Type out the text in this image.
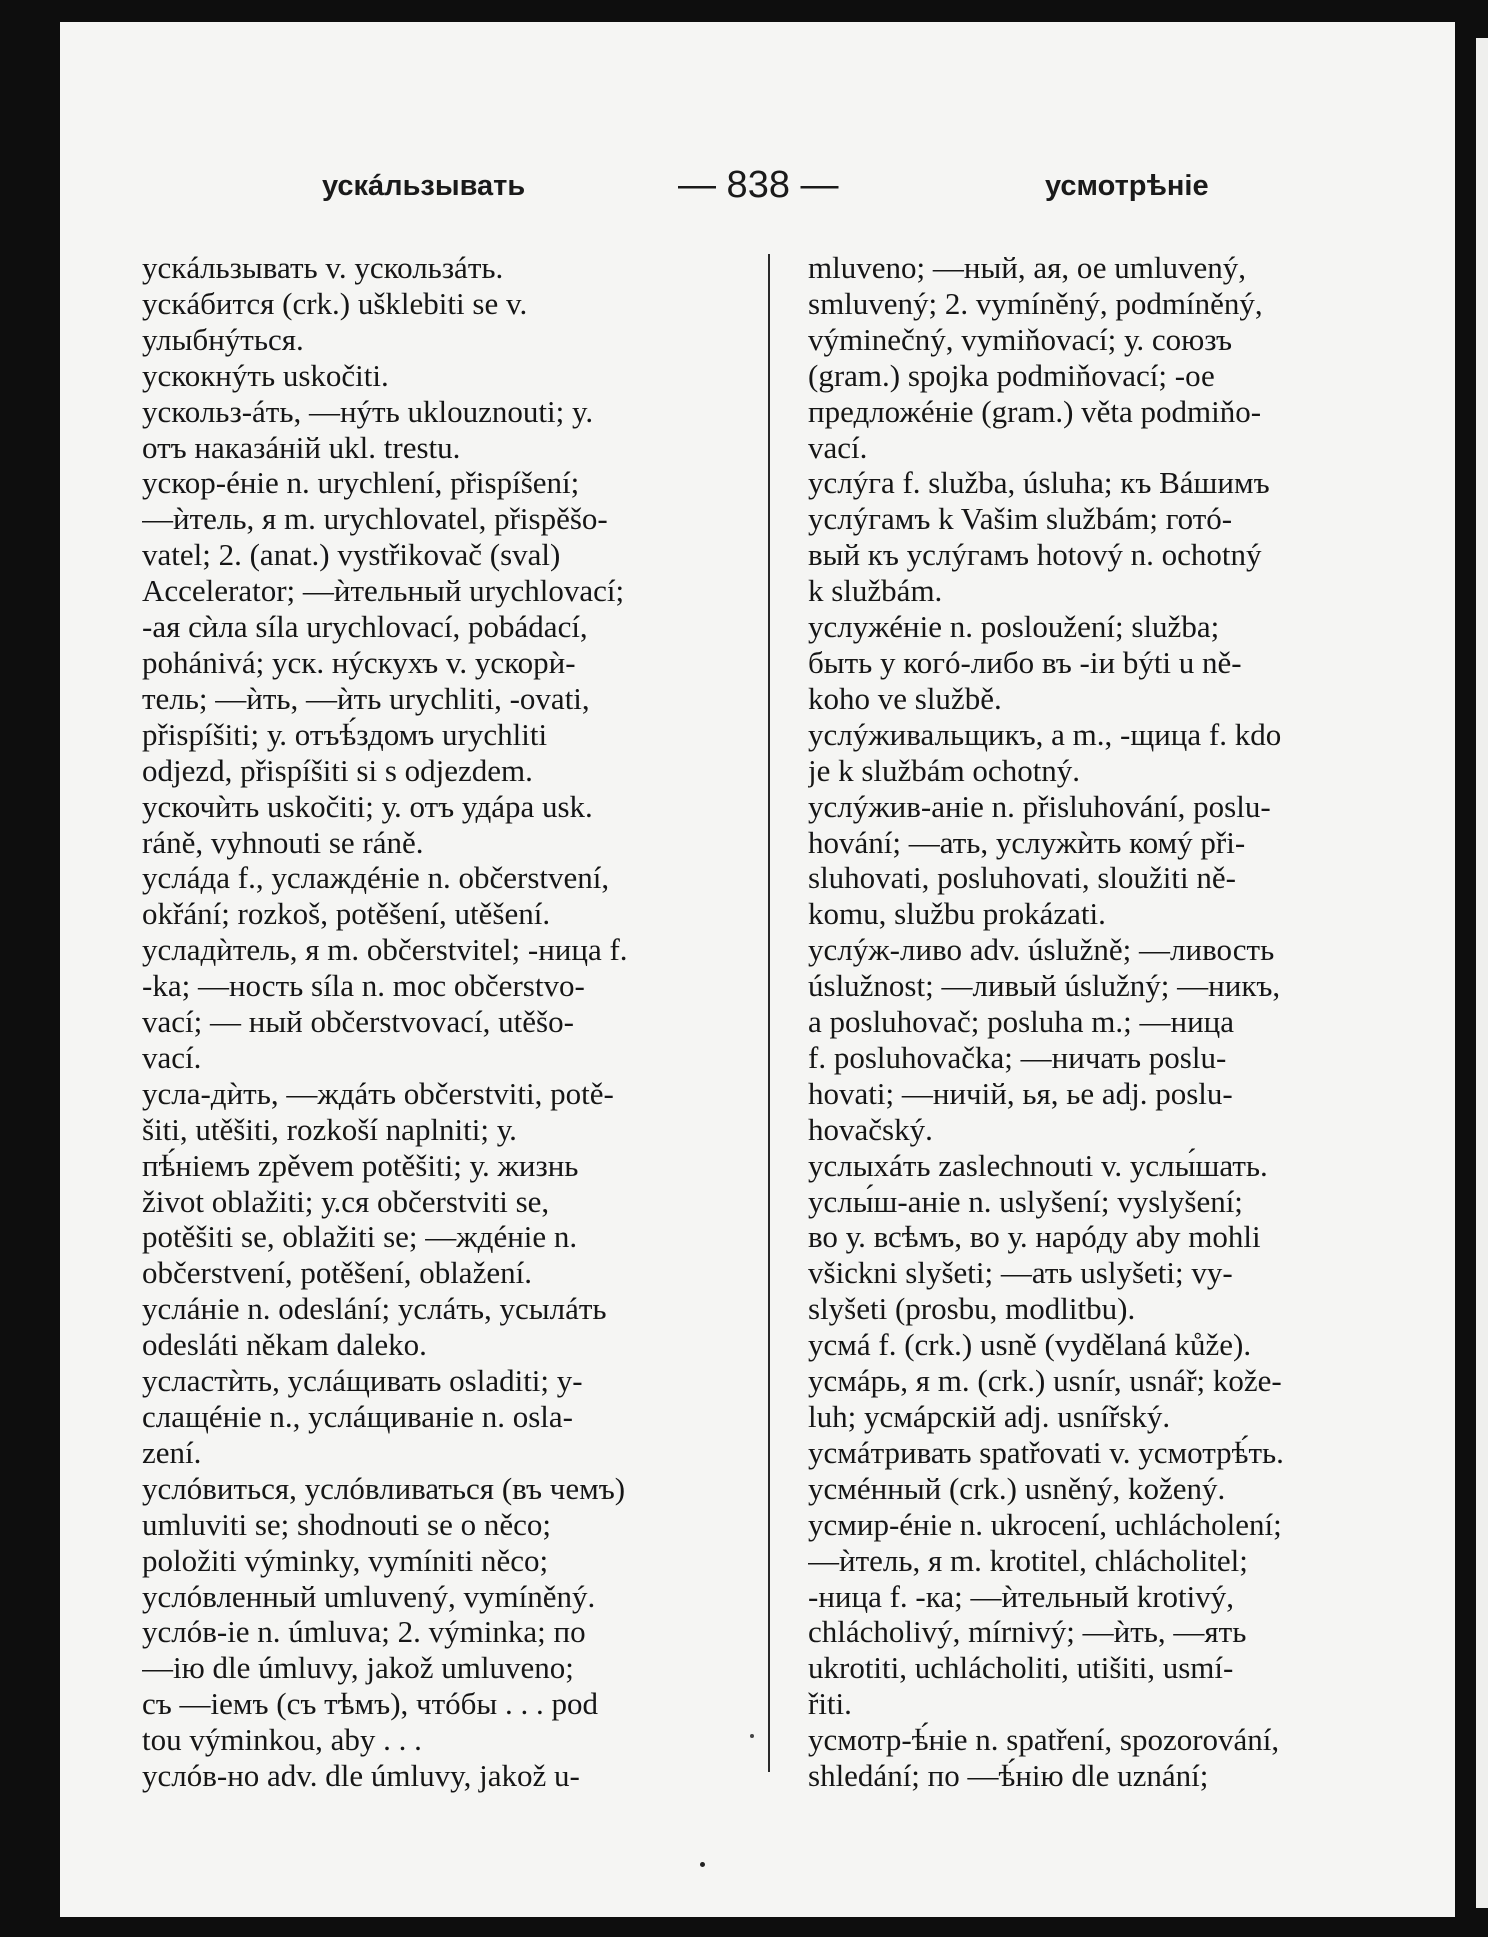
ускáльзывать	— 838 —	усмотрѣніе
ускáльзывать v. ускользáть.
ускáбится (crk.) ušklebiti se v.
улыбнýться.
ускокнýть uskočiti.
ускольз-áть, —нýть uklouznouti; y.
отъ наказáній ukl. trestu.
ускор-éніе n. urychlení, přispíšení;
—ѝтель, я m. urychlovatel, přispěšo-
vatel; 2. (anat.) vystřikovač (sval)
Accelerator; —ѝтельный urychlovací;
-ая сѝла síla urychlovací, pobádací,
pohánivá; уск. нýскухъ v. ускорѝ-
тель; —ѝть, —ѝть urychliti, -ovati,
přispíšiti; у. отъѣ́здомъ urychliti
odjezd, přispíšiti si s odjezdem.
ускочѝть uskočiti; у. отъ удáра usk.
ráně, vyhnouti se ráně.
услáда f., услаждéніе n. občerstvení,
okřání; rozkoš, potěšení, utěšení.
усладѝтель, я m. občerstvitel; -ница f.
-ka; —ность síla n. moc občerstvo-
vací; — ный občerstvovací, utěšo-
vací.
усла-дѝть, —ждáть občerstviti, potě-
šiti, utěšiti, rozkoší naplniti; у.
пѣ́ніемъ zpěvem potěšiti; у. жизнь
život oblažiti; у.ся občerstviti se,
potěšiti se, oblažiti se; —ждéніе n.
občerstvení, potěšení, oblažení.
услáніе n. odeslání; услáть, усылáть
odesláti někam daleko.
усластѝть, услáщивать osladiti; у-
слащéніе n., услáщиваніе n. osla-
zení.
услóвиться, услóвливаться (въ чемъ)
umluviti se; shodnouti se o něco;
položiti výminky, vymíniti něco;
услóвленный umluvený, vymíněný.
услóв-іе n. úmluva; 2. výminka; по
—ію dle úmluvy, jakož umluveno;
съ —іемъ (съ тѣмъ), чтóбы . . . pod
tou výminkou, aby . . .
услóв-но adv. dle úmluvy, jakož u-
mluveno; —ный, ая, ое umluvený,
smluvený; 2. vymíněný, podmíněný,
výminečný, vymiňovací; у. союзъ
(gram.) spojka podmiňovací; -ое
предложéніе (gram.) věta podmiňo-
vací.
услýга f. služba, úsluha; къ Вáшимъ
услýгамъ k Vašim službám; готó-
вый къ услýгамъ hotový n. ochotný
k službám.
услужéніе n. posloužení; služba;
быть у когó-либо въ -іи býti u ně-
koho ve službě.
услýживальщикъ, а m., -щица f. kdo
je k službám ochotný.
услýжив-аніе n. přisluhování, poslu-
hování; —ать, услужѝть комý při-
sluhovati, posluhovati, sloužiti ně-
komu, službu prokázati.
услýж-ливо adv. úslužně; —ливость
úslužnost; —ливый úslužný; —никъ,
а posluhovač; posluha m.; —ница
f. posluhovačka; —ничать poslu-
hovati; —ничій, ья, ье adj. poslu-
hovačský.
услыхáть zaslechnouti v. услы́шать.
услы́ш-аніе n. uslyšení; vyslyšení;
во у. всѣмъ, во у. нарóду aby mohli
všickni slyšeti; —ать uslyšeti; vy-
slyšeti (prosbu, modlitbu).
усмá f. (crk.) usně (vydělaná kůže).
усмáрь, я m. (crk.) usnír, usnář; kože-
luh; усмáрскій adj. usnířský.
усмáтривать spatřovati v. усмотрѣ́ть.
усмéнный (crk.) usněný, kožený.
усмир-éніе n. ukrocení, uchlácholení;
—ѝтель, я m. krotitel, chlácholitel;
-ница f. -ка; —ѝтельный krotivý,
chlácholivý, mírnivý; —ѝть, —ять
ukrotiti, uchlácholiti, utišiti, usmí-
řiti.
усмотр-ѣ́ніе n. spatření, spozorování,
shledání; по —ѣ́нію dle uznání;
